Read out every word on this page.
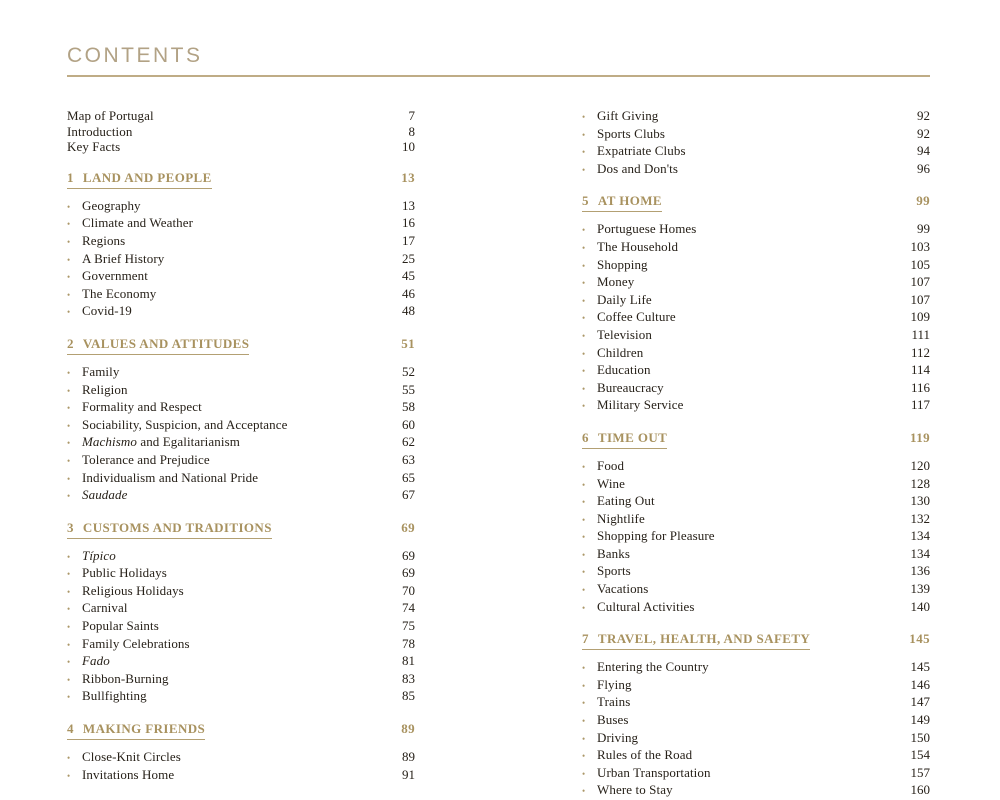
CONTENTS
Map of Portugal	7
Introduction	8
Key Facts	10
1 LAND AND PEOPLE	13
• Geography	13
• Climate and Weather	16
• Regions	17
• A Brief History	25
• Government	45
• The Economy	46
• Covid-19	48
2 VALUES AND ATTITUDES	51
• Family	52
• Religion	55
• Formality and Respect	58
• Sociability, Suspicion, and Acceptance	60
• Machismo and Egalitarianism	62
• Tolerance and Prejudice	63
• Individualism and National Pride	65
• Saudade	67
3 CUSTOMS AND TRADITIONS	69
• Típico	69
• Public Holidays	69
• Religious Holidays	70
• Carnival	74
• Popular Saints	75
• Family Celebrations	78
• Fado	81
• Ribbon-Burning	83
• Bullfighting	85
4 MAKING FRIENDS	89
• Close-Knit Circles	89
• Invitations Home	91
• Gift Giving	92
• Sports Clubs	92
• Expatriate Clubs	94
• Dos and Don'ts	96
5 AT HOME	99
• Portuguese Homes	99
• The Household	103
• Shopping	105
• Money	107
• Daily Life	107
• Coffee Culture	109
• Television	111
• Children	112
• Education	114
• Bureaucracy	116
• Military Service	117
6 TIME OUT	119
• Food	120
• Wine	128
• Eating Out	130
• Nightlife	132
• Shopping for Pleasure	134
• Banks	134
• Sports	136
• Vacations	139
• Cultural Activities	140
7 TRAVEL, HEALTH, AND SAFETY	145
• Entering the Country	145
• Flying	146
• Trains	147
• Buses	149
• Driving	150
• Rules of the Road	154
• Urban Transportation	157
• Where to Stay	160
